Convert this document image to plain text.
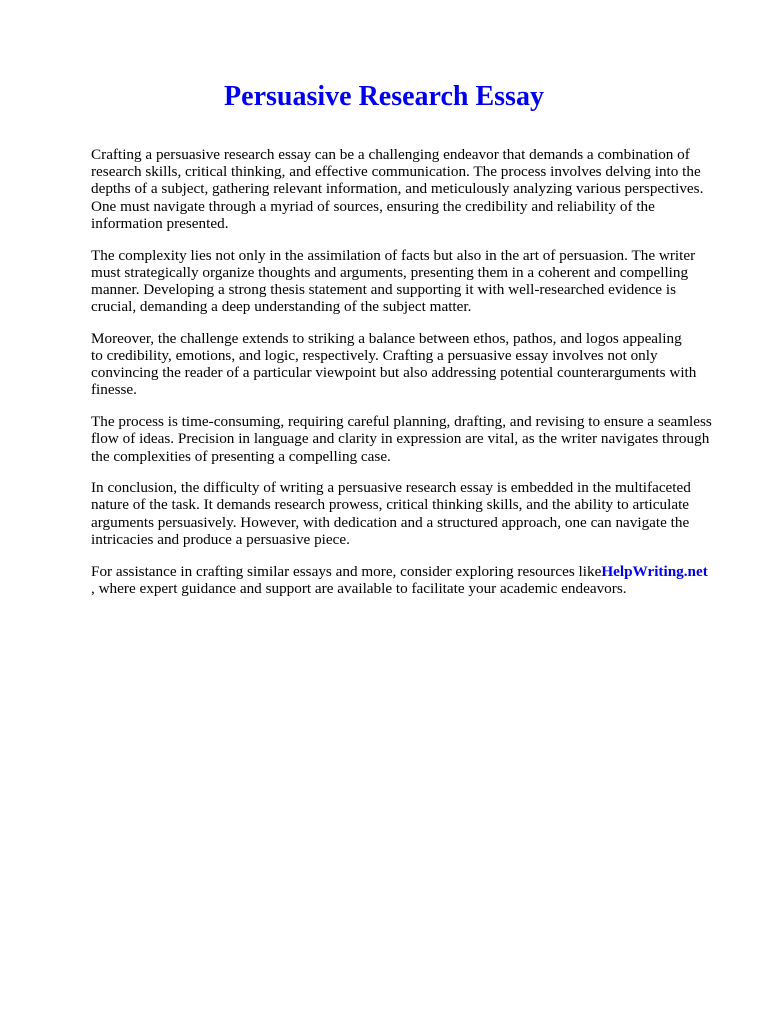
Persuasive Research Essay

Crafting a persuasive research essay can be a challenging endeavor that demands a combination of
research skills, critical thinking, and effective communication. The process involves delving into the
depths of a subject, gathering relevant information, and meticulously analyzing various perspectives.
One must navigate through a myriad of sources, ensuring the credibility and reliability of the
information presented.

The complexity lies not only in the assimilation of facts but also in the art of persuasion. The writer
must strategically organize thoughts and arguments, presenting them in a coherent and compelling
manner. Developing a strong thesis statement and supporting it with well-researched evidence is
crucial, demanding a deep understanding of the subject matter.

Moreover, the challenge extends to striking a balance between ethos, pathos, and logos appealing
to credibility, emotions, and logic, respectively. Crafting a persuasive essay involves not only
convincing the reader of a particular viewpoint but also addressing potential counterarguments with
finesse.

The process is time-consuming, requiring careful planning, drafting, and revising to ensure a seamless
flow of ideas. Precision in language and clarity in expression are vital, as the writer navigates through
the complexities of presenting a compelling case.

In conclusion, the difficulty of writing a persuasive research essay is embedded in the multifaceted
nature of the task. It demands research prowess, critical thinking skills, and the ability to articulate
arguments persuasively. However, with dedication and a structured approach, one can navigate the
intricacies and produce a persuasive piece.

For assistance in crafting similar essays and more, consider exploring resources likeHelpWriting.net
, where expert guidance and support are available to facilitate your academic endeavors.
